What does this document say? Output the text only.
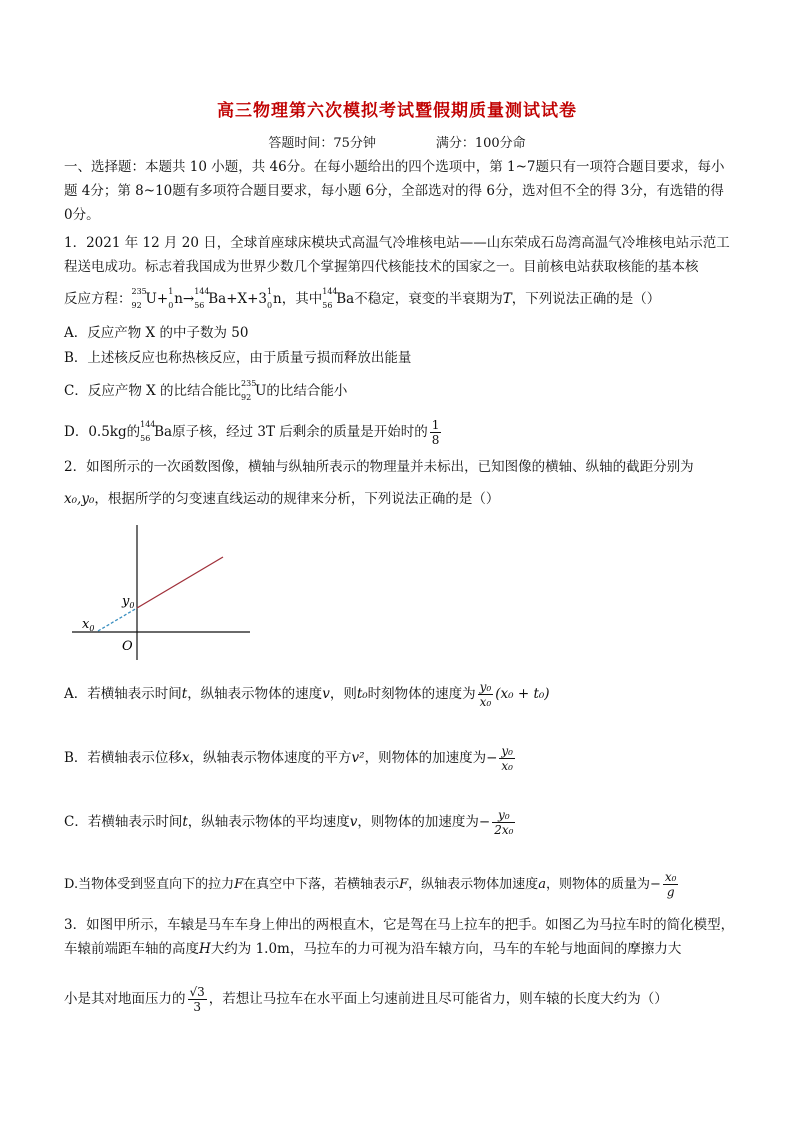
高三物理第六次模拟考试暨假期质量测试试卷
答题时间：75分钟	满分：100分命
一、选择题：本题共 10 小题，共 46分。在每小题给出的四个选项中，第 1~7题只有一项符合题目要求，每小题 4分；第 8~10题有多项符合题目要求，每小题 6分，全部选对的得 6分，选对但不全的得 3分，有选错的得 0分。
1．2021 年 12 月 20 日，全球首座球床模块式高温气冷堆核电站——山东荣成石岛湾高温气冷堆核电站示范工程送电成功。标志着我国成为世界少数几个掌握第四代核能技术的国家之一。目前核电站获取核能的基本核
反应方程： 235
92 U+ 1
0 n→ 144
56 Ba+X+3 1
0 n，其中 144
56 Ba不稳定，衰变的半衰期为T，下列说法正确的是（）
A．反应产物 X 的中子数为 50
B．上述核反应也称热核反应，由于质量亏损而释放出能量
C．反应产物 X 的比结合能比 235
92 U的比结合能小
D．0.5kg的 144
56 Ba原子核，经过 3T 后剩余的质量是开始时的 $\frac{1}{8}$
2．如图所示的一次函数图像，横轴与纵轴所表示的物理量并未标出，已知图像的横轴、纵轴的截距分别为
x₀,y₀，根据所学的匀变速直线运动的规律来分析，下列说法正确的是（）
$y_0$
$x_0$
O
A．若横轴表示时间t，纵轴表示物体的速度v，则t₀时刻物体的速度为 $\frac{\text{y₀}}{\text{x₀}} (x_0 + t_0)$
B．若横轴表示位移x，纵轴表示物体速度的平方v²，则物体的加速度为− $\frac{\text{y₀}}{\text{x₀}}$
C．若横轴表示时间t，纵轴表示物体的平均速度v，则物体的加速度为− $\frac{\text{y₀}}{\text{2x₀}}$
D.当物体受到竖直向下的拉力F在真空中下落，若横轴表示F，纵轴表示物体加速度a，则物体的质量为− $\frac{\text{x₀}}{g}$
3．如图甲所示，车辕是马车车身上伸出的两根直木，它是驾在马上拉车的把手。如图乙为马拉车时的简化模型，车辕前端距车轴的高度H大约为 1.0m，马拉车的力可视为沿车辕方向，马车的车轮与地面间的摩擦力大
小是其对地面压力的 $\frac{√3}{3}$ ，若想让马拉车在水平面上匀速前进且尽可能省力，则车辕的长度大约为（）
